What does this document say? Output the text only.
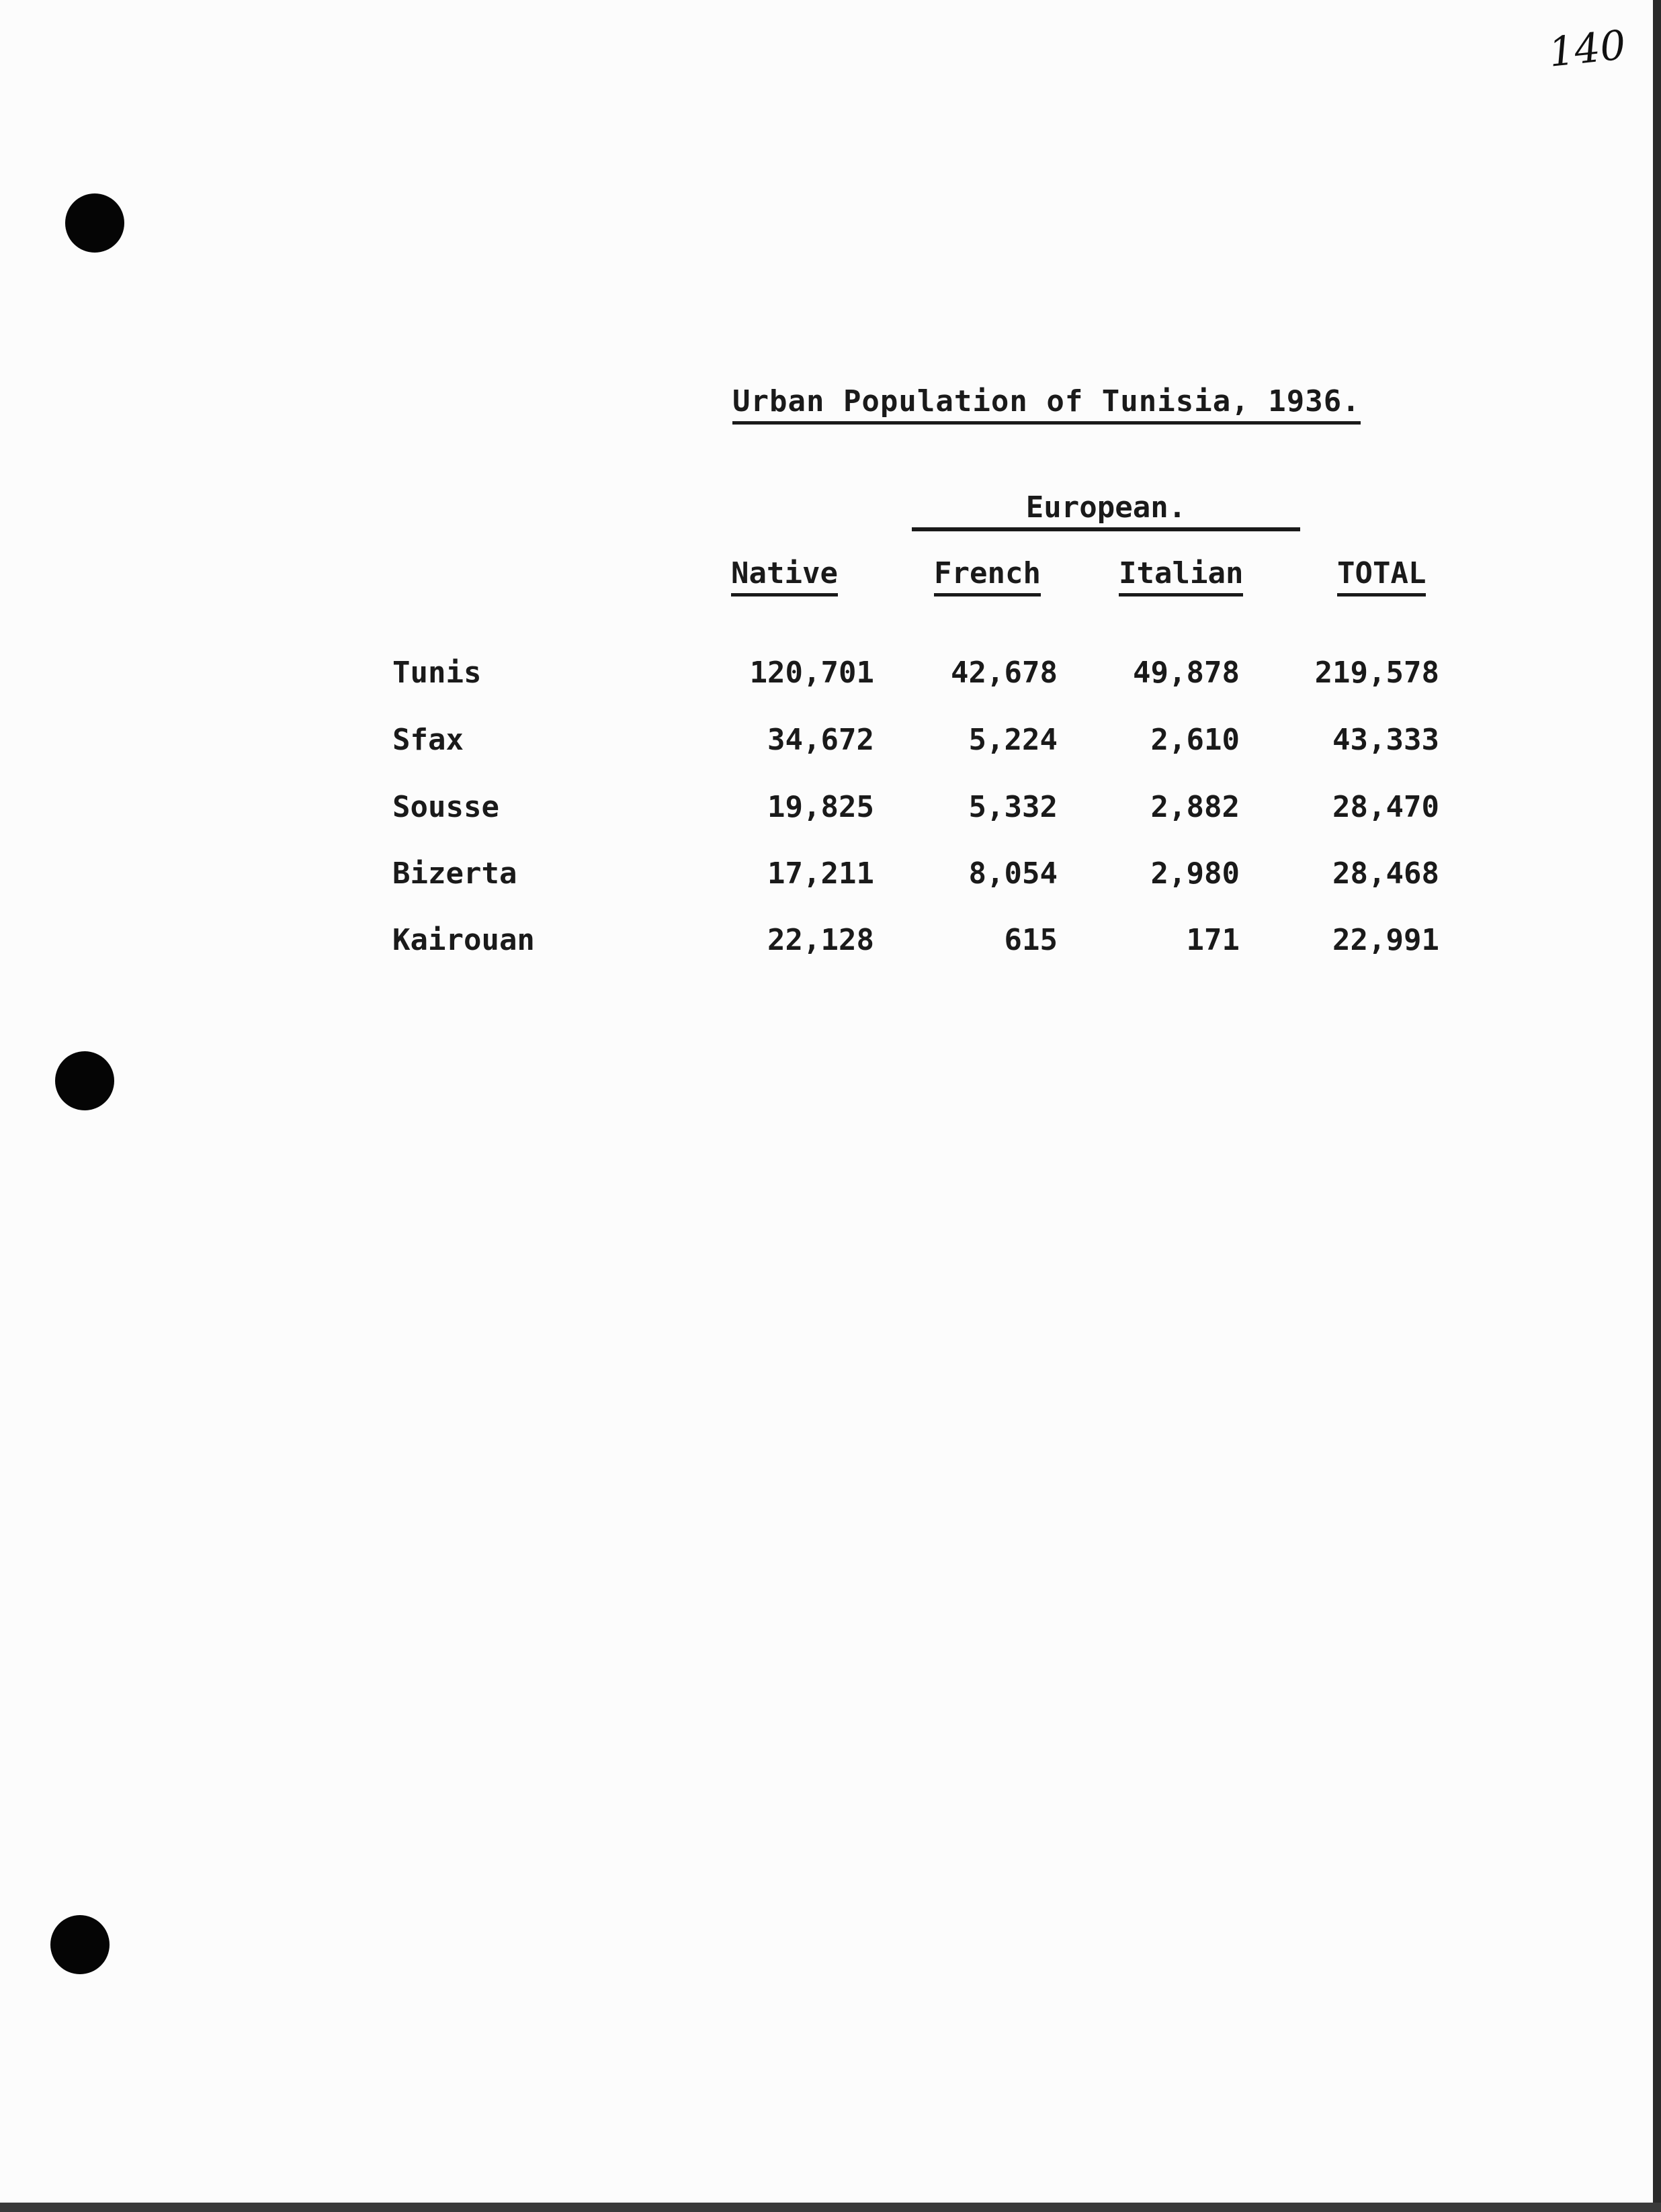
140
Urban Population of Tunisia, 1936.
European.
Native	French	Italian	TOTAL
Tunis	120,701	42,678	49,878	219,578
Sfax	34,672	5,224	2,610	43,333
Sousse	19,825	5,332	2,882	28,470
Bizerta	17,211	8,054	2,980	28,468
Kairouan	22,128	615	171	22,991
